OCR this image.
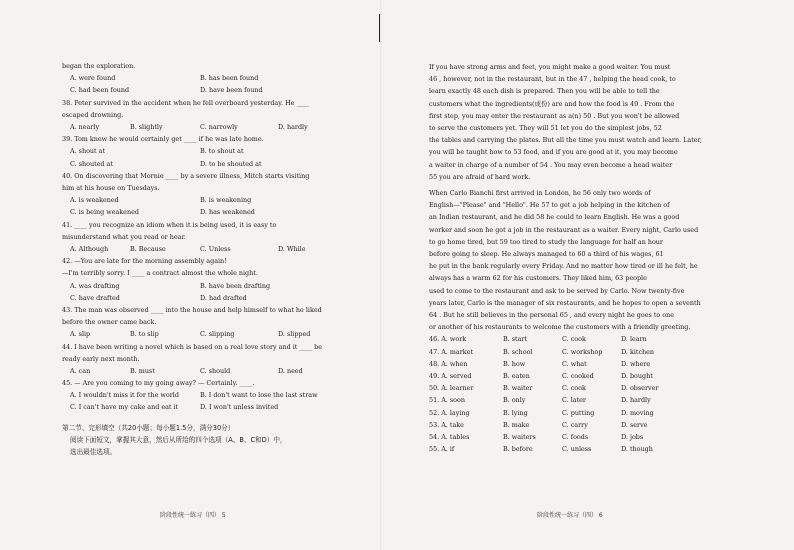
began the exploration.
A. were found	B. has been found
C. had been found	D. have been found
38. Peter survived in the accident when he fell overboard yesterday. He ____
escaped drowning.
A. nearly	B. slightly	C. narrowly	D. hardly
39. Tom knew he would certainly get ____ if he was late home.
A. shout at	B. to shout at
C. shouted at	D. to be shouted at
40. On discovering that Mornie ____ by a severe illness, Mitch starts visiting
him at his house on Tuesdays.
A. is weakened	B. is weakening
C. is being weakened	D. has weakened
41. ____ you recognize an idiom when it is being used, it is easy to
misunderstand what you read or hear.
A. Although	B. Because	C. Unless	D. While
42. —You are late for the morning assembly again!
—I'm terribly sorry. I ____ a contract almost the whole night.
A. was drafting	B. have been drafting
C. have drafted	D. had drafted
43. The man was observed ____ into the house and help himself to what he liked
before the owner came back.
A. slip	B. to slip	C. slipping	D. slipped
44. I have been writing a novel which is based on a real love story and it ____ be
ready early next month.
A. can	B. must	C. should	D. need
45. — Are you coming to my going away? — Certainly. ____.
A. I wouldn't miss it for the world	B. I don't want to lose the last straw
C. I can't have my cake and eat it	D. I won't unless invited
第二节、完形填空（共20小题；每小题1.5分，满分30分）
阅读下面短文，掌握其大意，然后从所给的四个选项（A、B、C和D）中，
选出最佳选项。
阶段性统一练习（四） 5
If you have strong arms and feet, you might make a good waiter. You must
46 , however, not in the restaurant, but in the 47 , helping the head cook, to
learn exactly 48 each dish is prepared. Then you will be able to tell the
customers what the ingredients(成份) are and how the food is 49 . From the
first step, you may enter the restaurant as a(n) 50 . But you won't be allowed
to serve the customers yet. They will 51 let you do the simplest jobs, 52
the tables and carrying the plates. But all the time you must watch and learn. Later,
you will be taught how to 53 food, and if you are good at it, you may become
a waiter in charge of a number of 54 . You may even become a head waiter
55 you are afraid of hard work.
When Carlo Bianchi first arrived in London, he 56 only two words of
English—"Please" and "Hello". He 57 to get a job helping in the kitchen of
an Indian restaurant, and he did 58 he could to learn English. He was a good
worker and soon he got a job in the restaurant as a waiter. Every night, Carlo used
to go home tired, but 59 too tired to study the language for half an hour
before going to sleep. He always managed to 60 a third of his wages, 61
he put in the bank regularly every Friday. And no matter how tired or ill he felt, he
always has a warm 62 for his customers. They liked him, 63 people
used to come to the restaurant and ask to be served by Carlo. Now twenty-five
years later, Carlo is the manager of six restaurants, and he hopes to open a seventh
64 . But he still believes in the personal 65 , and every night he goes to one
or another of his restaurants to welcome the customers with a friendly greeting.
46. A. work	B. start	C. cook	D. learn
47. A. market	B. school	C. workshop	D. kitchen
48. A. when	B. how	C. what	D. where
49. A. served	B. eaten	C. cooked	D. bought
50. A. learner	B. waiter	C. cook	D. observer
51. A. soon	B. only	C. later	D. hardly
52. A. laying	B. lying	C. putting	D. moving
53. A. take	B. make	C. carry	D. serve
54. A. tables	B. waiters	C. foods	D. jobs
55. A. if	B. before	C. unless	D. though
阶段性统一练习（四） 6
